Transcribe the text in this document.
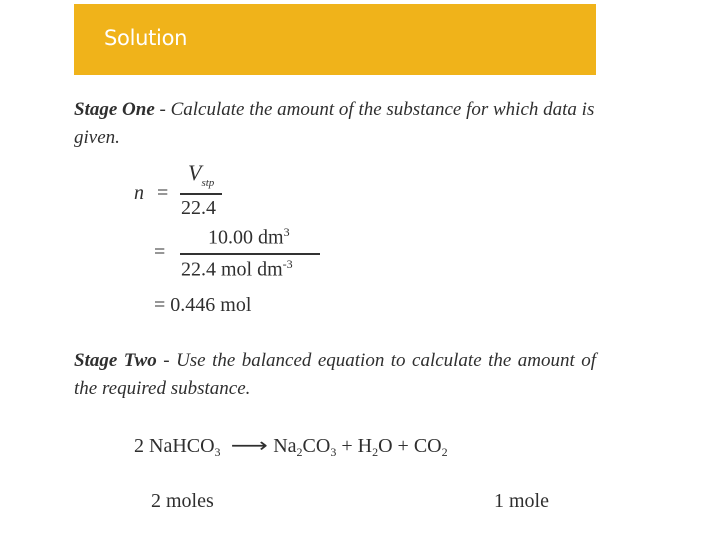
Solution
Stage One - Calculate the amount of the substance for which data is given.
n =
$V_{stp}$
22.4
=
10.00 $dm^3$
22.4 mol $dm^{-3}$
= 0.446 mol
Stage Two - Use the balanced equation to calculate the amount of the required substance.
2 NaHCO$_3$ ⟶ $Na_2CO_3 + H_2O + CO_2$
2 moles	1 mole
